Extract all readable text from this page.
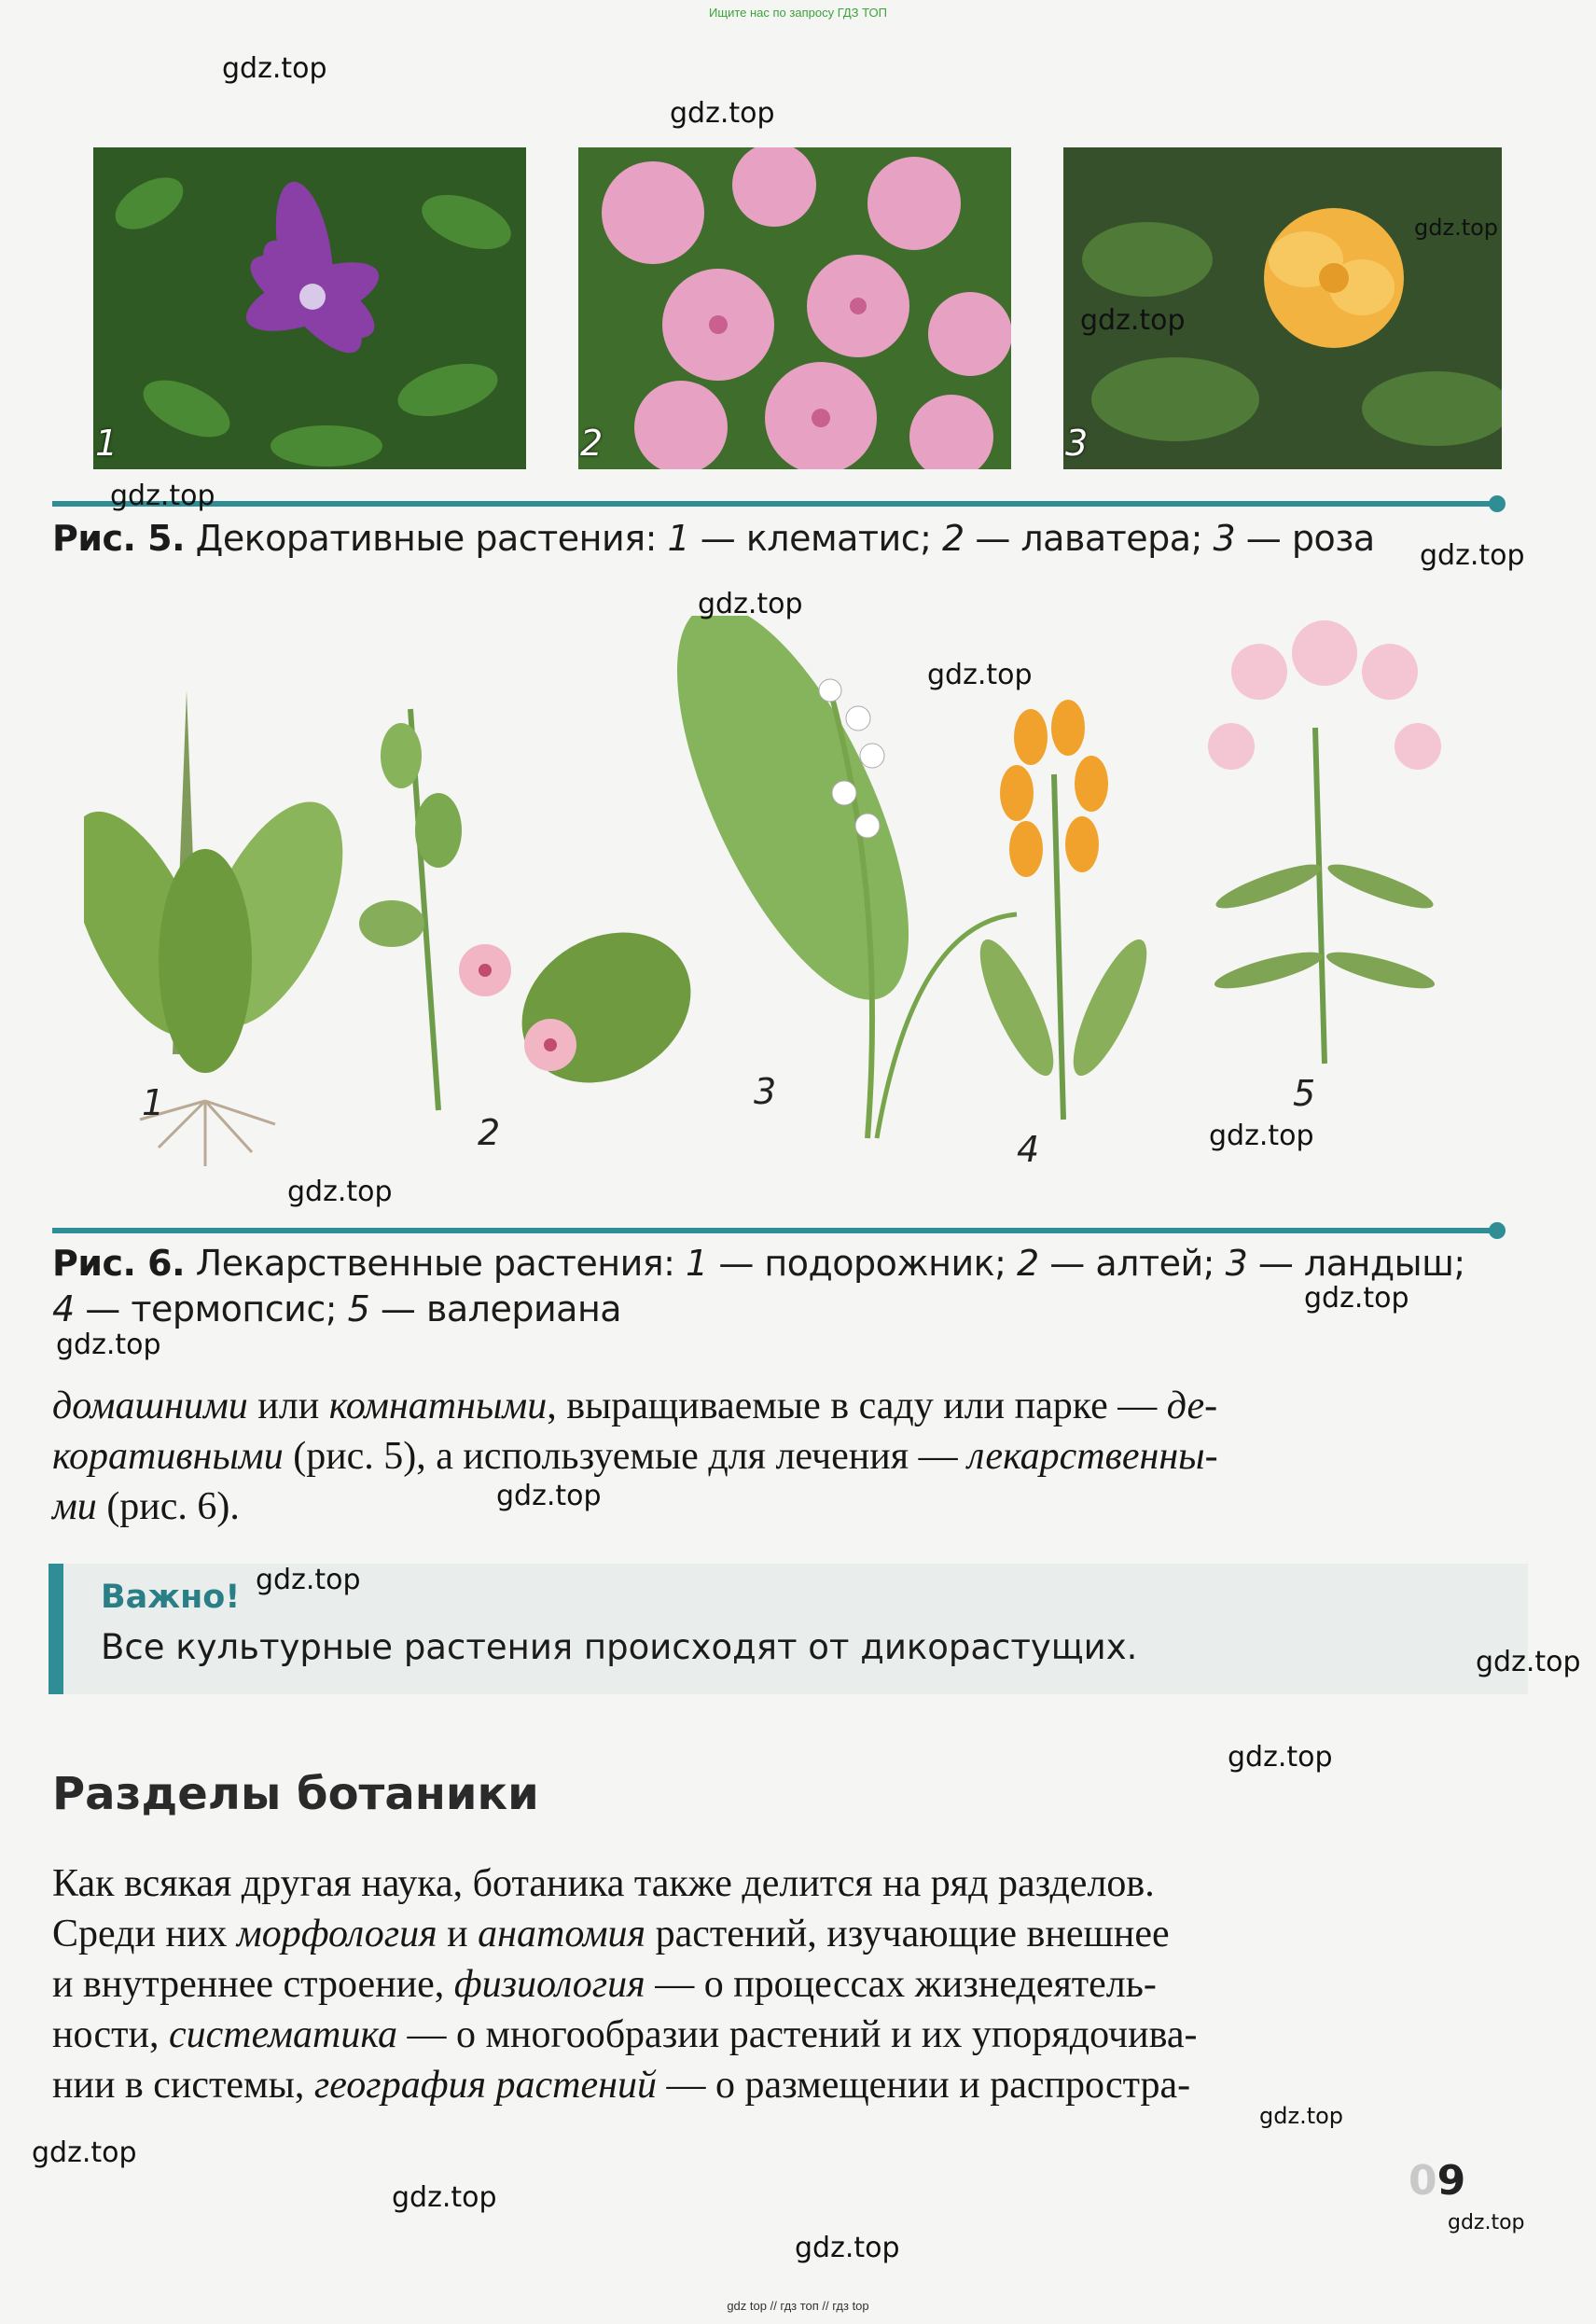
Ищите нас по запросу ГДЗ ТОП
1	2	3
Рис. 5. Декоративные растения: 1 — клематис; 2 — лаватера; 3 — роза
1
2
3
4
5
Рис. 6. Лекарственные растения: 1 — подорожник; 2 — алтей; 3 — ландыш;
4 — термопсис; 5 — валериана
домашними или комнатными, выращиваемые в саду или парке — де-
коративными (рис. 5), а используемые для лечения — лекарственны-
ми (рис. 6).
Важно!
Все культурные растения происходят от дикорастущих.
Разделы ботаники
Как всякая другая наука, ботаника также делится на ряд разделов.
Среди них морфология и анатомия растений, изучающие внешнее
и внутреннее строение, физиология — о процессах жизнедеятель-
ности, систематика — о многообразии растений и их упорядочива-
нии в системы, география растений — о размещении и распростра-
09
gdz.top
gdz.top
gdz.top
gdz.top
gdz.top
gdz.top
gdz.top
gdz.top
gdz.top
gdz.top
gdz.top
gdz.top
gdz.top
gdz.top
gdz.top
gdz.top
gdz.top
gdz.top
gdz.top
gdz.top
gdz.top
gdz top // гдз топ // гдз top
